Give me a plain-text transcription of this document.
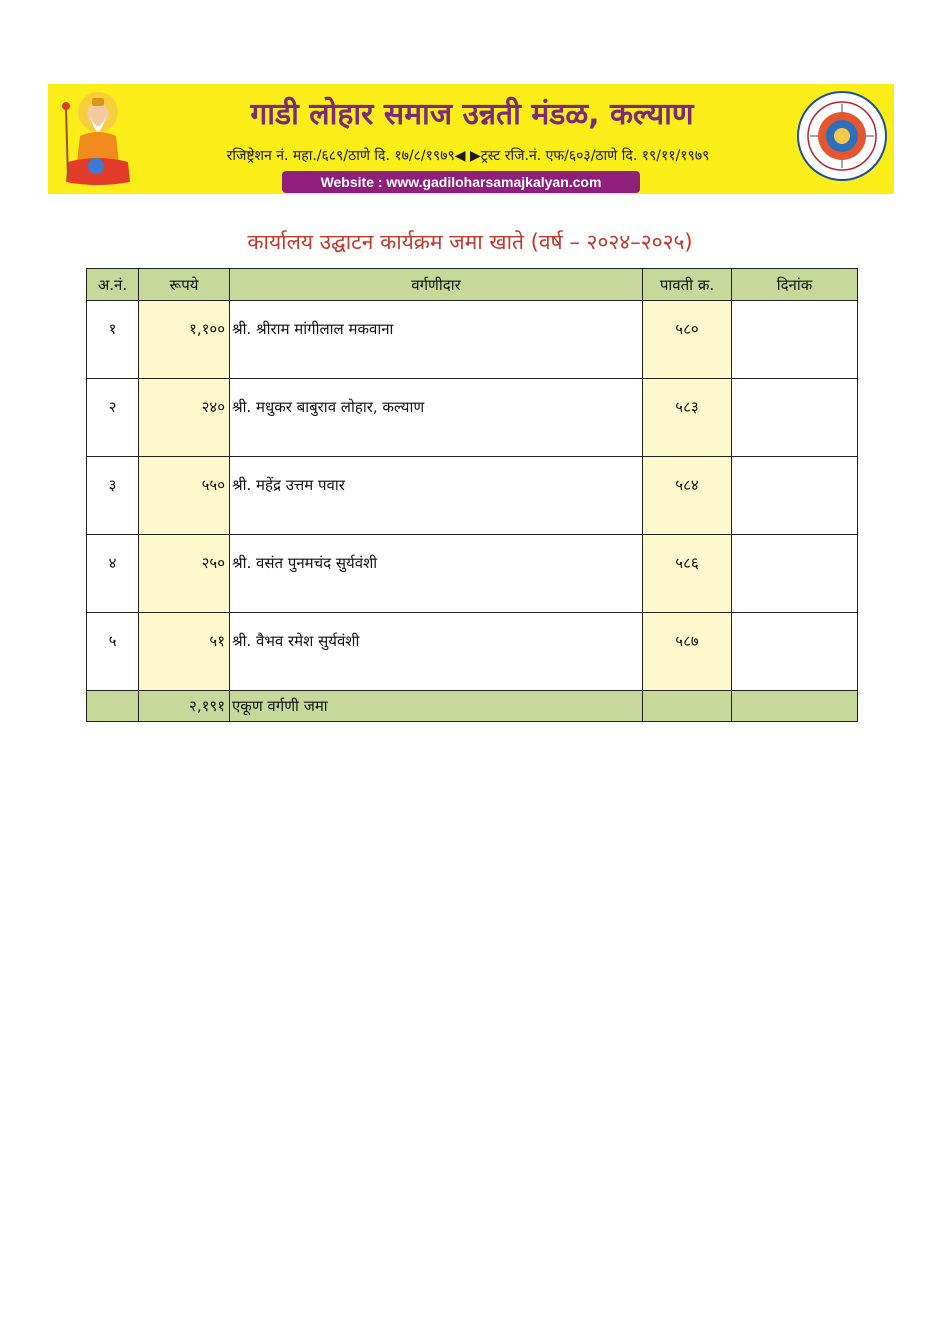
गाडी लोहार समाज उन्नती मंडळ, कल्याण
रजिष्ट्रेशन नं. महा./६८९/ठाणे दि. १७/८/१९७९◀ ▶ट्रस्ट रजि.नं. एफ/६०३/ठाणे दि. १९/११/१९७९
Website : www.gadiloharsamajkalyan.com
कार्यालय उद्घाटन कार्यक्रम जमा खाते (वर्ष – २०२४–२०२५)
अ.नं.	रूपये	वर्गणीदार	पावती क्र.	दिनांक
१	१,१००	श्री. श्रीराम मांगीलाल मकवाना	५८०	
२	२४०	श्री. मधुकर बाबुराव लोहार, कल्याण	५८३	
३	५५०	श्री. महेंद्र उत्तम पवार	५८४	
४	२५०	श्री. वसंत पुनमचंद सुर्यवंशी	५८६	
५	५१	श्री. वैभव रमेश सुर्यवंशी	५८७	
	२,१९१	एकूण वर्गणी जमा		
